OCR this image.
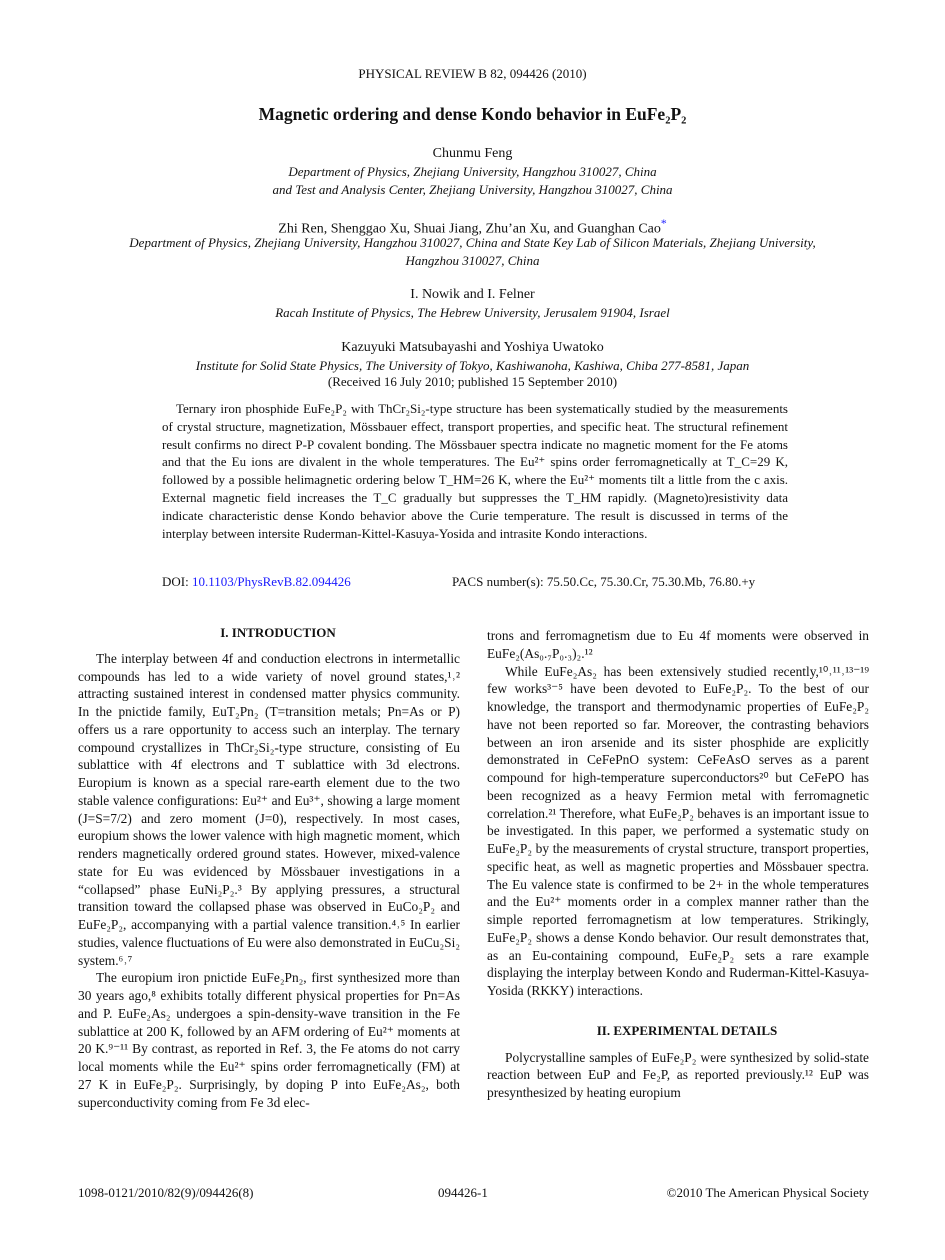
PHYSICAL REVIEW B 82, 094426 (2010)
Magnetic ordering and dense Kondo behavior in EuFe₂P₂
Chunmu Feng
Department of Physics, Zhejiang University, Hangzhou 310027, China
and Test and Analysis Center, Zhejiang University, Hangzhou 310027, China
Zhi Ren, Shenggao Xu, Shuai Jiang, Zhu’an Xu, and Guanghan Cao*
Department of Physics, Zhejiang University, Hangzhou 310027, China and State Key Lab of Silicon Materials, Zhejiang University,
Hangzhou 310027, China
I. Nowik and I. Felner
Racah Institute of Physics, The Hebrew University, Jerusalem 91904, Israel
Kazuyuki Matsubayashi and Yoshiya Uwatoko
Institute for Solid State Physics, The University of Tokyo, Kashiwanoha, Kashiwa, Chiba 277-8581, Japan
(Received 16 July 2010; published 15 September 2010)

Ternary iron phosphide EuFe₂P₂ with ThCr₂Si₂-type structure has been systematically studied by the measurements of crystal structure, magnetization, Mössbauer effect, transport properties, and specific heat. The structural refinement result confirms no direct P-P covalent bonding. The Mössbauer spectra indicate no magnetic moment for the Fe atoms and that the Eu ions are divalent in the whole temperatures. The Eu²⁺ spins order ferromagnetically at T_C=29 K, followed by a possible helimagnetic ordering below T_HM=26 K, where the Eu²⁺ moments tilt a little from the c axis. External magnetic field increases the T_C gradually but suppresses the T_HM rapidly. (Magneto)resistivity data indicate characteristic dense Kondo behavior above the Curie temperature. The result is discussed in terms of the interplay between intersite Ruderman-Kittel-Kasuya-Yosida and intrasite Kondo interactions.

DOI: 10.1103/PhysRevB.82.094426	PACS number(s): 75.50.Cc, 75.30.Cr, 75.30.Mb, 76.80.+y

I. INTRODUCTION

The interplay between 4f and conduction electrons in intermetallic compounds has led to a wide variety of novel ground states,¹˒² attracting sustained interest in condensed matter physics community. In the pnictide family, EuT₂Pn₂ (T=transition metals; Pn=As or P) offers us a rare opportunity to access such an interplay. The ternary compound crystallizes in ThCr₂Si₂-type structure, consisting of Eu sublattice with 4f electrons and T sublattice with 3d electrons. Europium is known as a special rare-earth element due to the two stable valence configurations: Eu²⁺ and Eu³⁺, showing a large moment (J=S=7/2) and zero moment (J=0), respectively. In most cases, europium shows the lower valence with high magnetic moment, which renders magnetically ordered ground states. However, mixed-valence state for Eu was evidenced by Mössbauer investigations in a “collapsed” phase EuNi₂P₂.³ By applying pressures, a structural transition toward the collapsed phase was observed in EuCo₂P₂ and EuFe₂P₂, accompanying with a partial valence transition.⁴˒⁵ In earlier studies, valence fluctuations of Eu were also demonstrated in EuCu₂Si₂ system.⁶˒⁷

The europium iron pnictide EuFe₂Pn₂, first synthesized more than 30 years ago,⁸ exhibits totally different physical properties for Pn=As and P. EuFe₂As₂ undergoes a spin-density-wave transition in the Fe sublattice at 200 K, followed by an AFM ordering of Eu²⁺ moments at 20 K.⁹⁻¹¹ By contrast, as reported in Ref. 3, the Fe atoms do not carry local moments while the Eu²⁺ spins order ferromagnetically (FM) at 27 K in EuFe₂P₂. Surprisingly, by doping P into EuFe₂As₂, both superconductivity coming from Fe 3d elec-

trons and ferromagnetism due to Eu 4f moments were observed in EuFe₂(As₀.₇P₀.₃)₂.¹²

While EuFe₂As₂ has been extensively studied recently,¹⁰˒¹¹˒¹³⁻¹⁹ few works³⁻⁵ have been devoted to EuFe₂P₂. To the best of our knowledge, the transport and thermodynamic properties of EuFe₂P₂ have not been reported so far. Moreover, the contrasting behaviors between an iron arsenide and its sister phosphide are explicitly demonstrated in CeFePnO system: CeFeAsO serves as a parent compound for high-temperature superconductors²⁰ but CeFePO has been recognized as a heavy Fermion metal with ferromagnetic correlation.²¹ Therefore, what EuFe₂P₂ behaves is an important issue to be investigated. In this paper, we performed a systematic study on EuFe₂P₂ by the measurements of crystal structure, transport properties, specific heat, as well as magnetic properties and Mössbauer spectra. The Eu valence state is confirmed to be 2+ in the whole temperatures and the Eu²⁺ moments order in a complex manner rather than the simple reported ferromagnetism at low temperatures. Strikingly, EuFe₂P₂ shows a dense Kondo behavior. Our result demonstrates that, as an Eu-containing compound, EuFe₂P₂ sets a rare example displaying the interplay between Kondo and Ruderman-Kittel-Kasuya-Yosida (RKKY) interactions.

II. EXPERIMENTAL DETAILS

Polycrystalline samples of EuFe₂P₂ were synthesized by solid-state reaction between EuP and Fe₂P, as reported previously.¹² EuP was presynthesized by heating europium

1098-0121/2010/82(9)/094426(8)	094426-1	©2010 The American Physical Society
